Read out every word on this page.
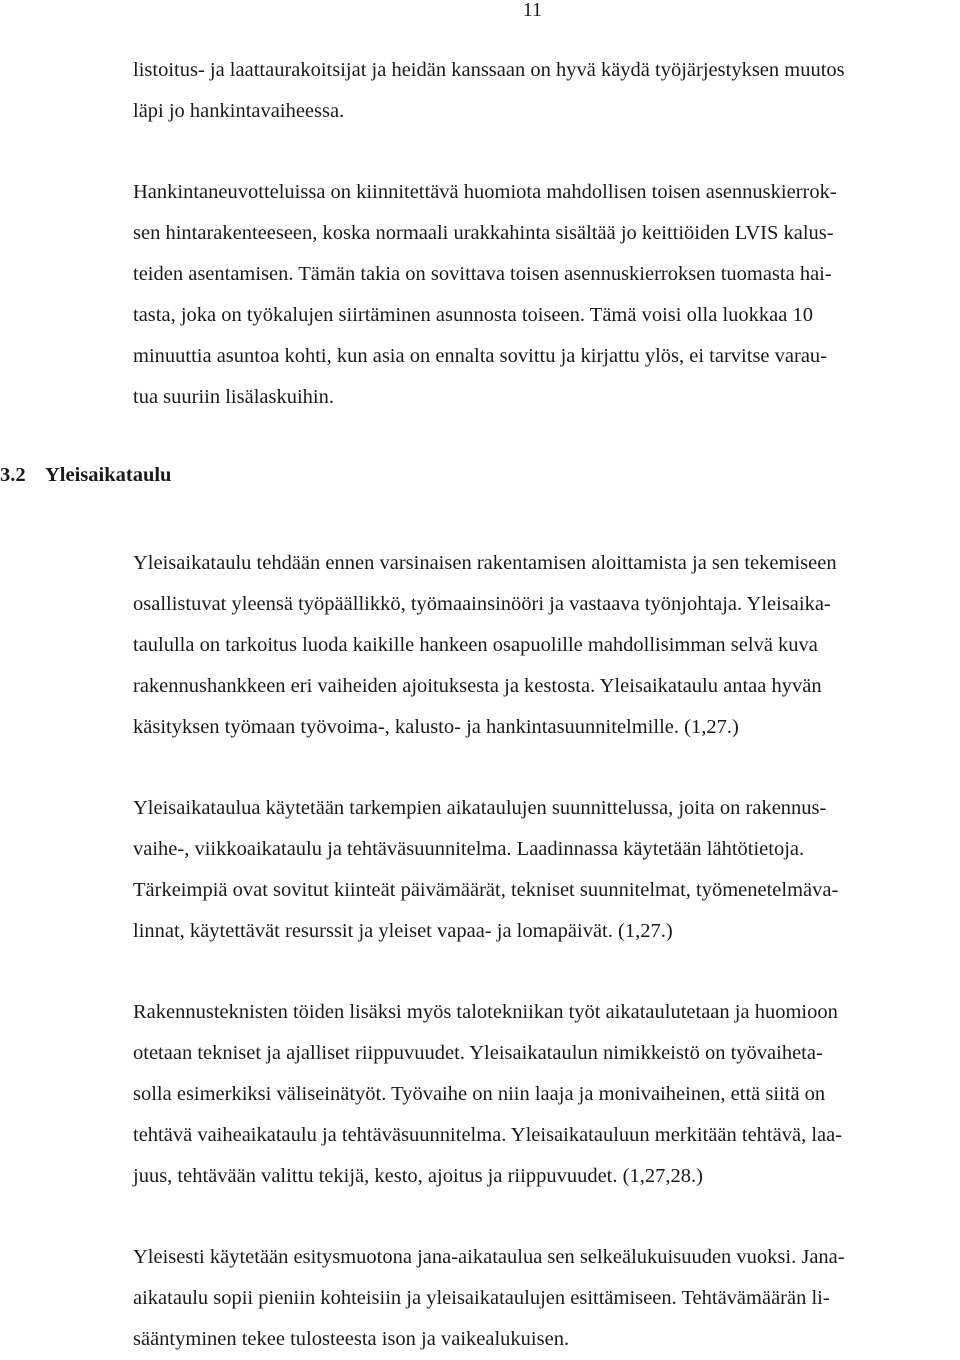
11

listoitus- ja laattaurakoitsijat ja heidän kanssaan on hyvä käydä työjärjestyksen muutos
läpi jo hankintavaiheessa.

Hankintaneuvotteluissa on kiinnitettävä huomiota mahdollisen toisen asennuskierrok-
sen hintarakenteeseen, koska normaali urakkahinta sisältää jo keittiöiden LVIS kalus-
teiden asentamisen. Tämän takia on sovittava toisen asennuskierroksen tuomasta hai-
tasta, joka on työkalujen siirtäminen asunnosta toiseen. Tämä voisi olla luokkaa 10
minuuttia asuntoa kohti, kun asia on ennalta sovittu ja kirjattu ylös, ei tarvitse varau-
tua suuriin lisälaskuihin.

3.2 Yleisaikataulu

Yleisaikataulu tehdään ennen varsinaisen rakentamisen aloittamista ja sen tekemiseen
osallistuvat yleensä työpäällikkö, työmaainsinööri ja vastaava työnjohtaja. Yleisaika-
taululla on tarkoitus luoda kaikille hankeen osapuolille mahdollisimman selvä kuva
rakennushankkeen eri vaiheiden ajoituksesta ja kestosta. Yleisaikataulu antaa hyvän
käsityksen työmaan työvoima-, kalusto- ja hankintasuunnitelmille. (1,27.)

Yleisaikataulua käytetään tarkempien aikataulujen suunnittelussa, joita on rakennus-
vaihe-, viikkoaikataulu ja tehtäväsuunnitelma. Laadinnassa käytetään lähtötietoja.
Tärkeimpiä ovat sovitut kiinteät päivämäärät, tekniset suunnitelmat, työmenetelmäva-
linnat, käytettävät resurssit ja yleiset vapaa- ja lomapäivät. (1,27.)

Rakennusteknisten töiden lisäksi myös talotekniikan työt aikataulutetaan ja huomioon
otetaan tekniset ja ajalliset riippuvuudet. Yleisaikataulun nimikkeistö on työvaiheta-
solla esimerkiksi väliseinätyöt. Työvaihe on niin laaja ja monivaiheinen, että siitä on
tehtävä vaiheaikataulu ja tehtäväsuunnitelma. Yleisaikatauluun merkitään tehtävä, laa-
juus, tehtävään valittu tekijä, kesto, ajoitus ja riippuvuudet. (1,27,28.)

Yleisesti käytetään esitysmuotona jana-aikataulua sen selkeälukuisuuden vuoksi. Jana-
aikataulu sopii pieniin kohteisiin ja yleisaikataulujen esittämiseen. Tehtävämäärän li-
sääntyminen tekee tulosteesta ison ja vaikealukuisen.
